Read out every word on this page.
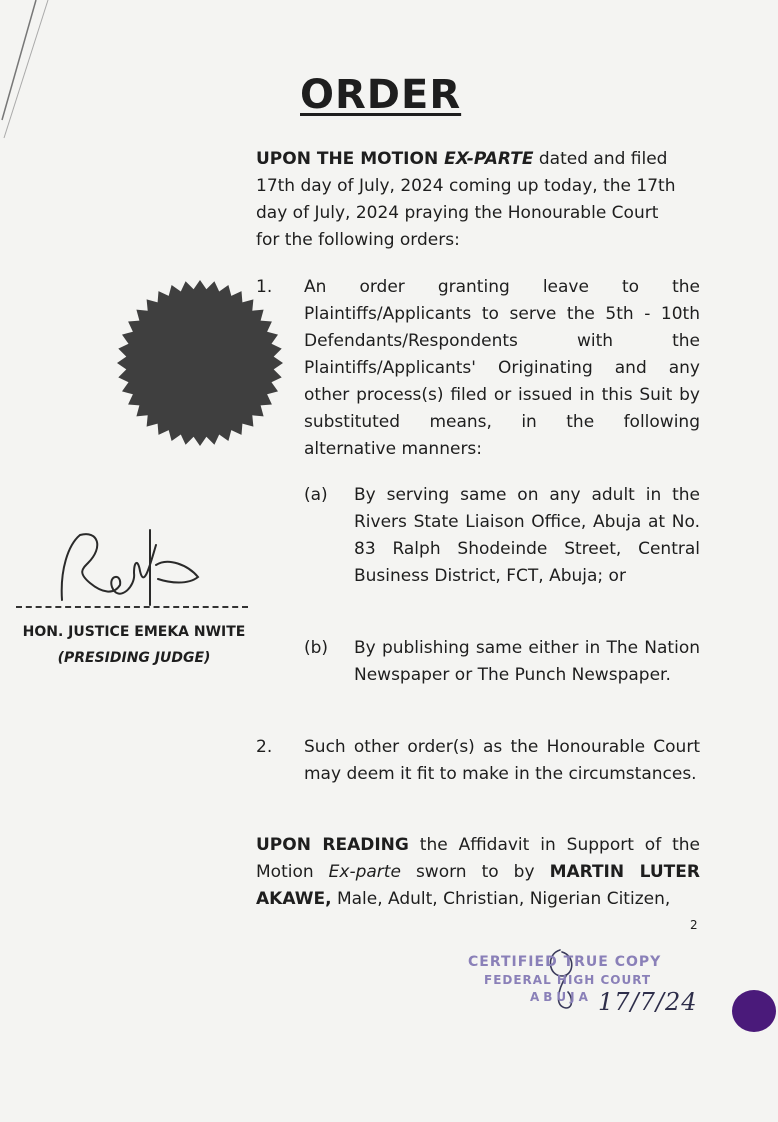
ORDER

UPON THE MOTION EX-PARTE dated and filed
17th day of July, 2024 coming up today, the 17th
day of July, 2024 praying the Honourable Court
for the following orders:

1. An order granting leave to the Plaintiffs/Applicants to serve the 5th - 10th Defendants/Respondents with the Plaintiffs/Applicants' Originating and any other process(s) filed or issued in this Suit by substituted means, in the following alternative manners:
(a) By serving same on any adult in the Rivers State Liaison Office, Abuja at No. 83 Ralph Shodeinde Street, Central Business District, FCT, Abuja; or
(b) By publishing same either in The Nation Newspaper or The Punch Newspaper.
2. Such other order(s) as the Honourable Court may deem it fit to make in the circumstances.

UPON READING the Affidavit in Support of the Motion Ex-parte sworn to by MARTIN LUTER AKAWE, Male, Adult, Christian, Nigerian Citizen,

HON. JUSTICE EMEKA NWITE

(PRESIDING JUDGE)

2

CERTIFIED TRUE COPY
FEDERAL HIGH COURT
ABUJA 17/7/24
